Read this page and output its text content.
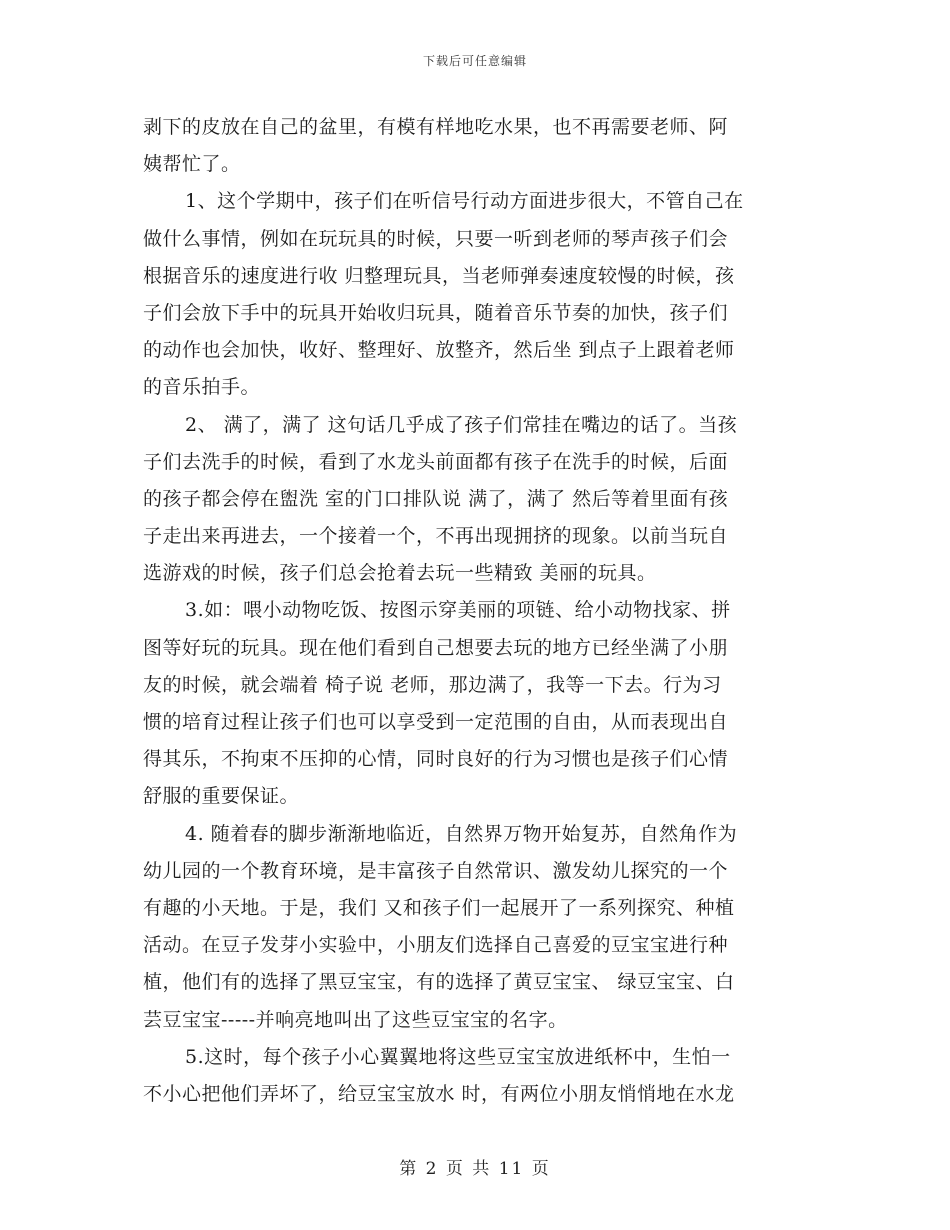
下载后可任意编辑
剥下的皮放在自己的盆里，有模有样地吃水果，也不再需要老师、阿
姨帮忙了。
1、这个学期中，孩子们在听信号行动方面进步很大，不管自己在
做什么事情，例如在玩玩具的时候，只要一听到老师的琴声孩子们会
根据音乐的速度进行收 归整理玩具，当老师弹奏速度较慢的时候，孩
子们会放下手中的玩具开始收归玩具，随着音乐节奏的加快，孩子们
的动作也会加快，收好、整理好、放整齐，然后坐 到点子上跟着老师
的音乐拍手。
2、 满了，满了 这句话几乎成了孩子们常挂在嘴边的话了。当孩
子们去洗手的时候，看到了水龙头前面都有孩子在洗手的时候，后面
的孩子都会停在盥洗 室的门口排队说 满了，满了 然后等着里面有孩
子走出来再进去，一个接着一个，不再出现拥挤的现象。以前当玩自
选游戏的时候，孩子们总会抢着去玩一些精致 美丽的玩具。
3.如：喂小动物吃饭、按图示穿美丽的项链、给小动物找家、拼
图等好玩的玩具。现在他们看到自己想要去玩的地方已经坐满了小朋
友的时候，就会端着 椅子说 老师，那边满了，我等一下去。行为习
惯的培育过程让孩子们也可以享受到一定范围的自由，从而表现出自
得其乐，不拘束不压抑的心情，同时良好的行为习惯也是孩子们心情
舒服的重要保证。
4. 随着春的脚步渐渐地临近，自然界万物开始复苏，自然角作为
幼儿园的一个教育环境，是丰富孩子自然常识、激发幼儿探究的一个
有趣的小天地。于是，我们 又和孩子们一起展开了一系列探究、种植
活动。在豆子发芽小实验中，小朋友们选择自己喜爱的豆宝宝进行种
植，他们有的选择了黑豆宝宝，有的选择了黄豆宝宝、 绿豆宝宝、白
芸豆宝宝-----并响亮地叫出了这些豆宝宝的名字。
5.这时，每个孩子小心翼翼地将这些豆宝宝放进纸杯中，生怕一
不小心把他们弄坏了，给豆宝宝放水 时，有两位小朋友悄悄地在水龙
第 2 页 共 11 页
